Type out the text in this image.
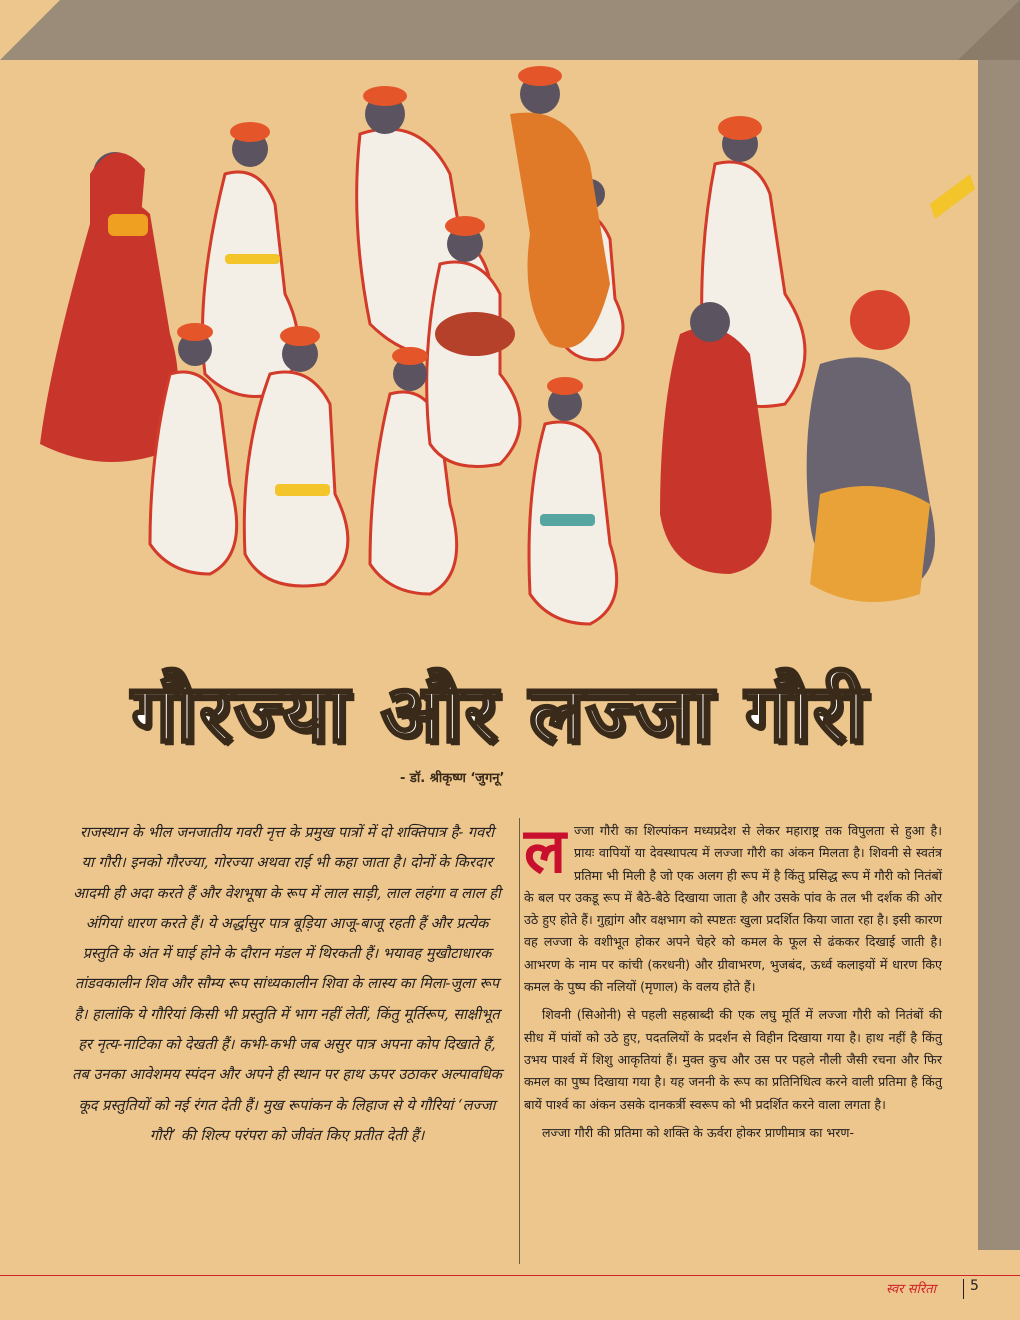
गौरज्या और लज्जा गौरी
- डॉ. श्रीकृष्ण ‘जुगनू’

राजस्थान के भील जनजातीय गवरी नृत्त के प्रमुख पात्रों में दो शक्तिपात्र है- गवरी या गौरी। इनको गौरज्या, गोरज्या अथवा राई भी कहा जाता है। दोनों के किरदार आदमी ही अदा करते हैं और वेशभूषा के रूप में लाल साड़ी, लाल लहंगा व लाल ही अंगियां धारण करते हैं। ये अर्द्धासुर पात्र बूड़िया आजू-बाजू रहती हैं और प्रत्येक प्रस्तुति के अंत में घाई होने के दौरान मंडल में थिरकती हैं। भयावह मुखौटाधारक तांडवकालीन शिव और सौम्य रूप सांध्यकालीन शिवा के लास्य का मिला-जुला रूप है। हालांकि ये गौरियां किसी भी प्रस्तुति में भाग नहीं लेतीं, किंतु मूर्तिरूप, साक्षीभूत हर नृत्य-नाटिका को देखती हैं। कभी-कभी जब असुर पात्र अपना कोप दिखाते हैं, तब उनका आवेशमय स्पंदन और अपने ही स्थान पर हाथ ऊपर उठाकर अल्पावधिक कूद प्रस्तुतियों को नई रंगत देती हैं। मुख रूपांकन के लिहाज से ये गौरियां ‘लज्जा गौरी’ की शिल्प परंपरा को जीवंत किए प्रतीत देती हैं।

लज्जा गौरी का शिल्पांकन मध्यप्रदेश से लेकर महाराष्ट्र तक विपुलता से हुआ है। प्रायः वापियों या देवस्थापत्य में लज्जा गौरी का अंकन मिलता है। शिवनी से स्वतंत्र प्रतिमा भी मिली है जो एक अलग ही रूप में है किंतु प्रसिद्ध रूप में गौरी को नितंबों के बल पर उकडू रूप में बैठे-बैठे दिखाया जाता है और उसके पांव के तल भी दर्शक की ओर उठे हुए होते हैं। गुह्यांग और वक्षभाग को स्पष्टतः खुला प्रदर्शित किया जाता रहा है। इसी कारण वह लज्जा के वशीभूत होकर अपने चेहरे को कमल के फूल से ढंककर दिखाई जाती है। आभरण के नाम पर कांची (करधनी) और ग्रीवाभरण, भुजबंद, ऊर्ध्व कलाइयों में धारण किए कमल के पुष्प की नलियों (मृणाल) के वलय होते हैं।

शिवनी (सिओनी) से पहली सहस्राब्दी की एक लघु मूर्ति में लज्जा गौरी को नितंबों की सीध में पांवों को उठे हुए, पदतलियों के प्रदर्शन से विहीन दिखाया गया है। हाथ नहीं है किंतु उभय पार्श्व में शिशु आकृतियां हैं। मुक्त कुच और उस पर पहले नौली जैसी रचना और फिर कमल का पुष्प दिखाया गया है। यह जननी के रूप का प्रतिनिधित्व करने वाली प्रतिमा है किंतु बायें पार्श्व का अंकन उसके दानकर्त्री स्वरूप को भी प्रदर्शित करने वाला लगता है।

लज्जा गौरी की प्रतिमा को शक्ति के ऊर्वरा होकर प्राणीमात्र का भरण-

स्वर सरिता 5
